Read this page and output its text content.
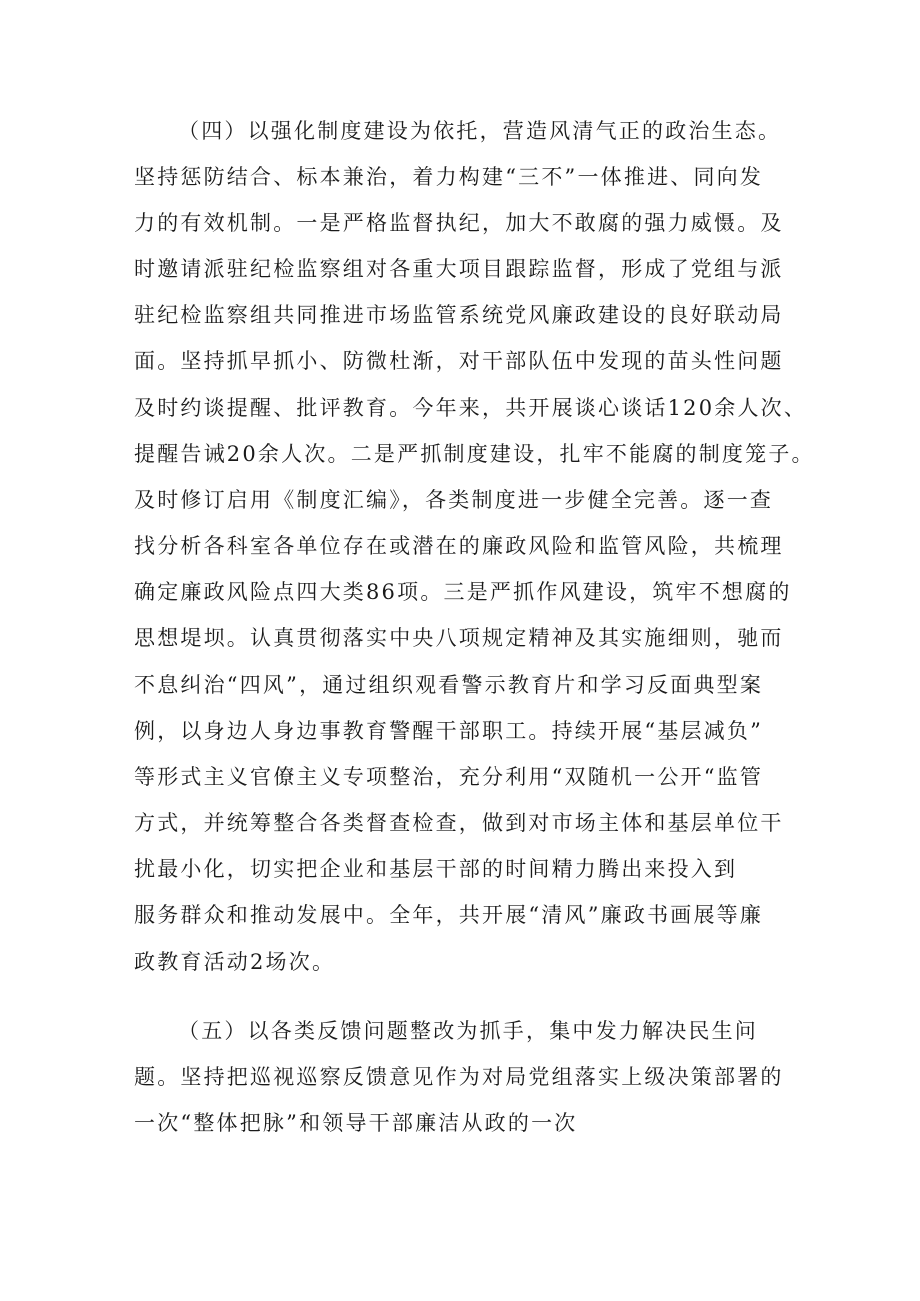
（四）以强化制度建设为依托，营造风清气正的政治生态。

坚持惩防结合、标本兼治，着力构建“三不”一体推进、同向发

力的有效机制。一是严格监督执纪，加大不敢腐的强力威慑。及

时邀请派驻纪检监察组对各重大项目跟踪监督，形成了党组与派

驻纪检监察组共同推进市场监管系统党风廉政建设的良好联动局

面。坚持抓早抓小、防微杜渐，对干部队伍中发现的苗头性问题

及时约谈提醒、批评教育。今年来，共开展谈心谈话120余人次、

提醒告诫20余人次。二是严抓制度建设，扎牢不能腐的制度笼子。

及时修订启用《制度汇编》，各类制度进一步健全完善。逐一查

找分析各科室各单位存在或潜在的廉政风险和监管风险，共梳理

确定廉政风险点四大类86项。三是严抓作风建设，筑牢不想腐的

思想堤坝。认真贯彻落实中央八项规定精神及其实施细则，驰而

不息纠治“四风”，通过组织观看警示教育片和学习反面典型案

例，以身边人身边事教育警醒干部职工。持续开展“基层减负”

等形式主义官僚主义专项整治，充分利用“双随机一公开“监管

方式，并统筹整合各类督查检查，做到对市场主体和基层单位干

扰最小化，切实把企业和基层干部的时间精力腾出来投入到

服务群众和推动发展中。全年，共开展“清风”廉政书画展等廉

政教育活动2场次。

（五）以各类反馈问题整改为抓手，集中发力解决民生问

题。坚持把巡视巡察反馈意见作为对局党组落实上级决策部署的

一次“整体把脉”和领导干部廉洁从政的一次
